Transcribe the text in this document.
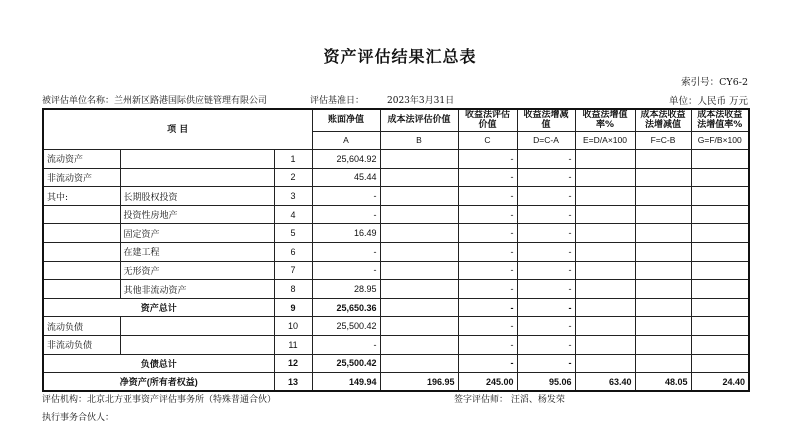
资产评估结果汇总表
索引号：CY6-2
被评估单位名称：兰州新区路港国际供应链管理有限公司	评估基准日：	2023年3月31日	单位：人民币 万元
项 目			账面净值	成本法评估价值	收益法评估价值	收益法增减值	收益法增值率%	成本法收益法增减值	成本法收益法增值率%
			A	B	C	D=C-A	E=D/A×100	F=C-B	G=F/B×100
流动资产		1	25,604.92		-	-			
非流动资产		2	45.44		-	-			
其中:	长期股权投资	3	-		-	-			
	投资性房地产	4	-		-	-			
	固定资产	5	16.49		-	-			
	在建工程	6	-		-	-			
	无形资产	7	-		-	-			
	其他非流动资产	8	28.95		-	-			
资产总计		9	25,650.36		-	-			
流动负债		10	25,500.42		-	-			
非流动负债		11	-		-	-			
负债总计		12	25,500.42		-	-			
净资产(所有者权益)		13	149.94	196.95	245.00	95.06	63.40	48.05	24.40
评估机构：北京北方亚事资产评估事务所（特殊普通合伙）	签字评估师： 汪滔、杨发荣
执行事务合伙人：
